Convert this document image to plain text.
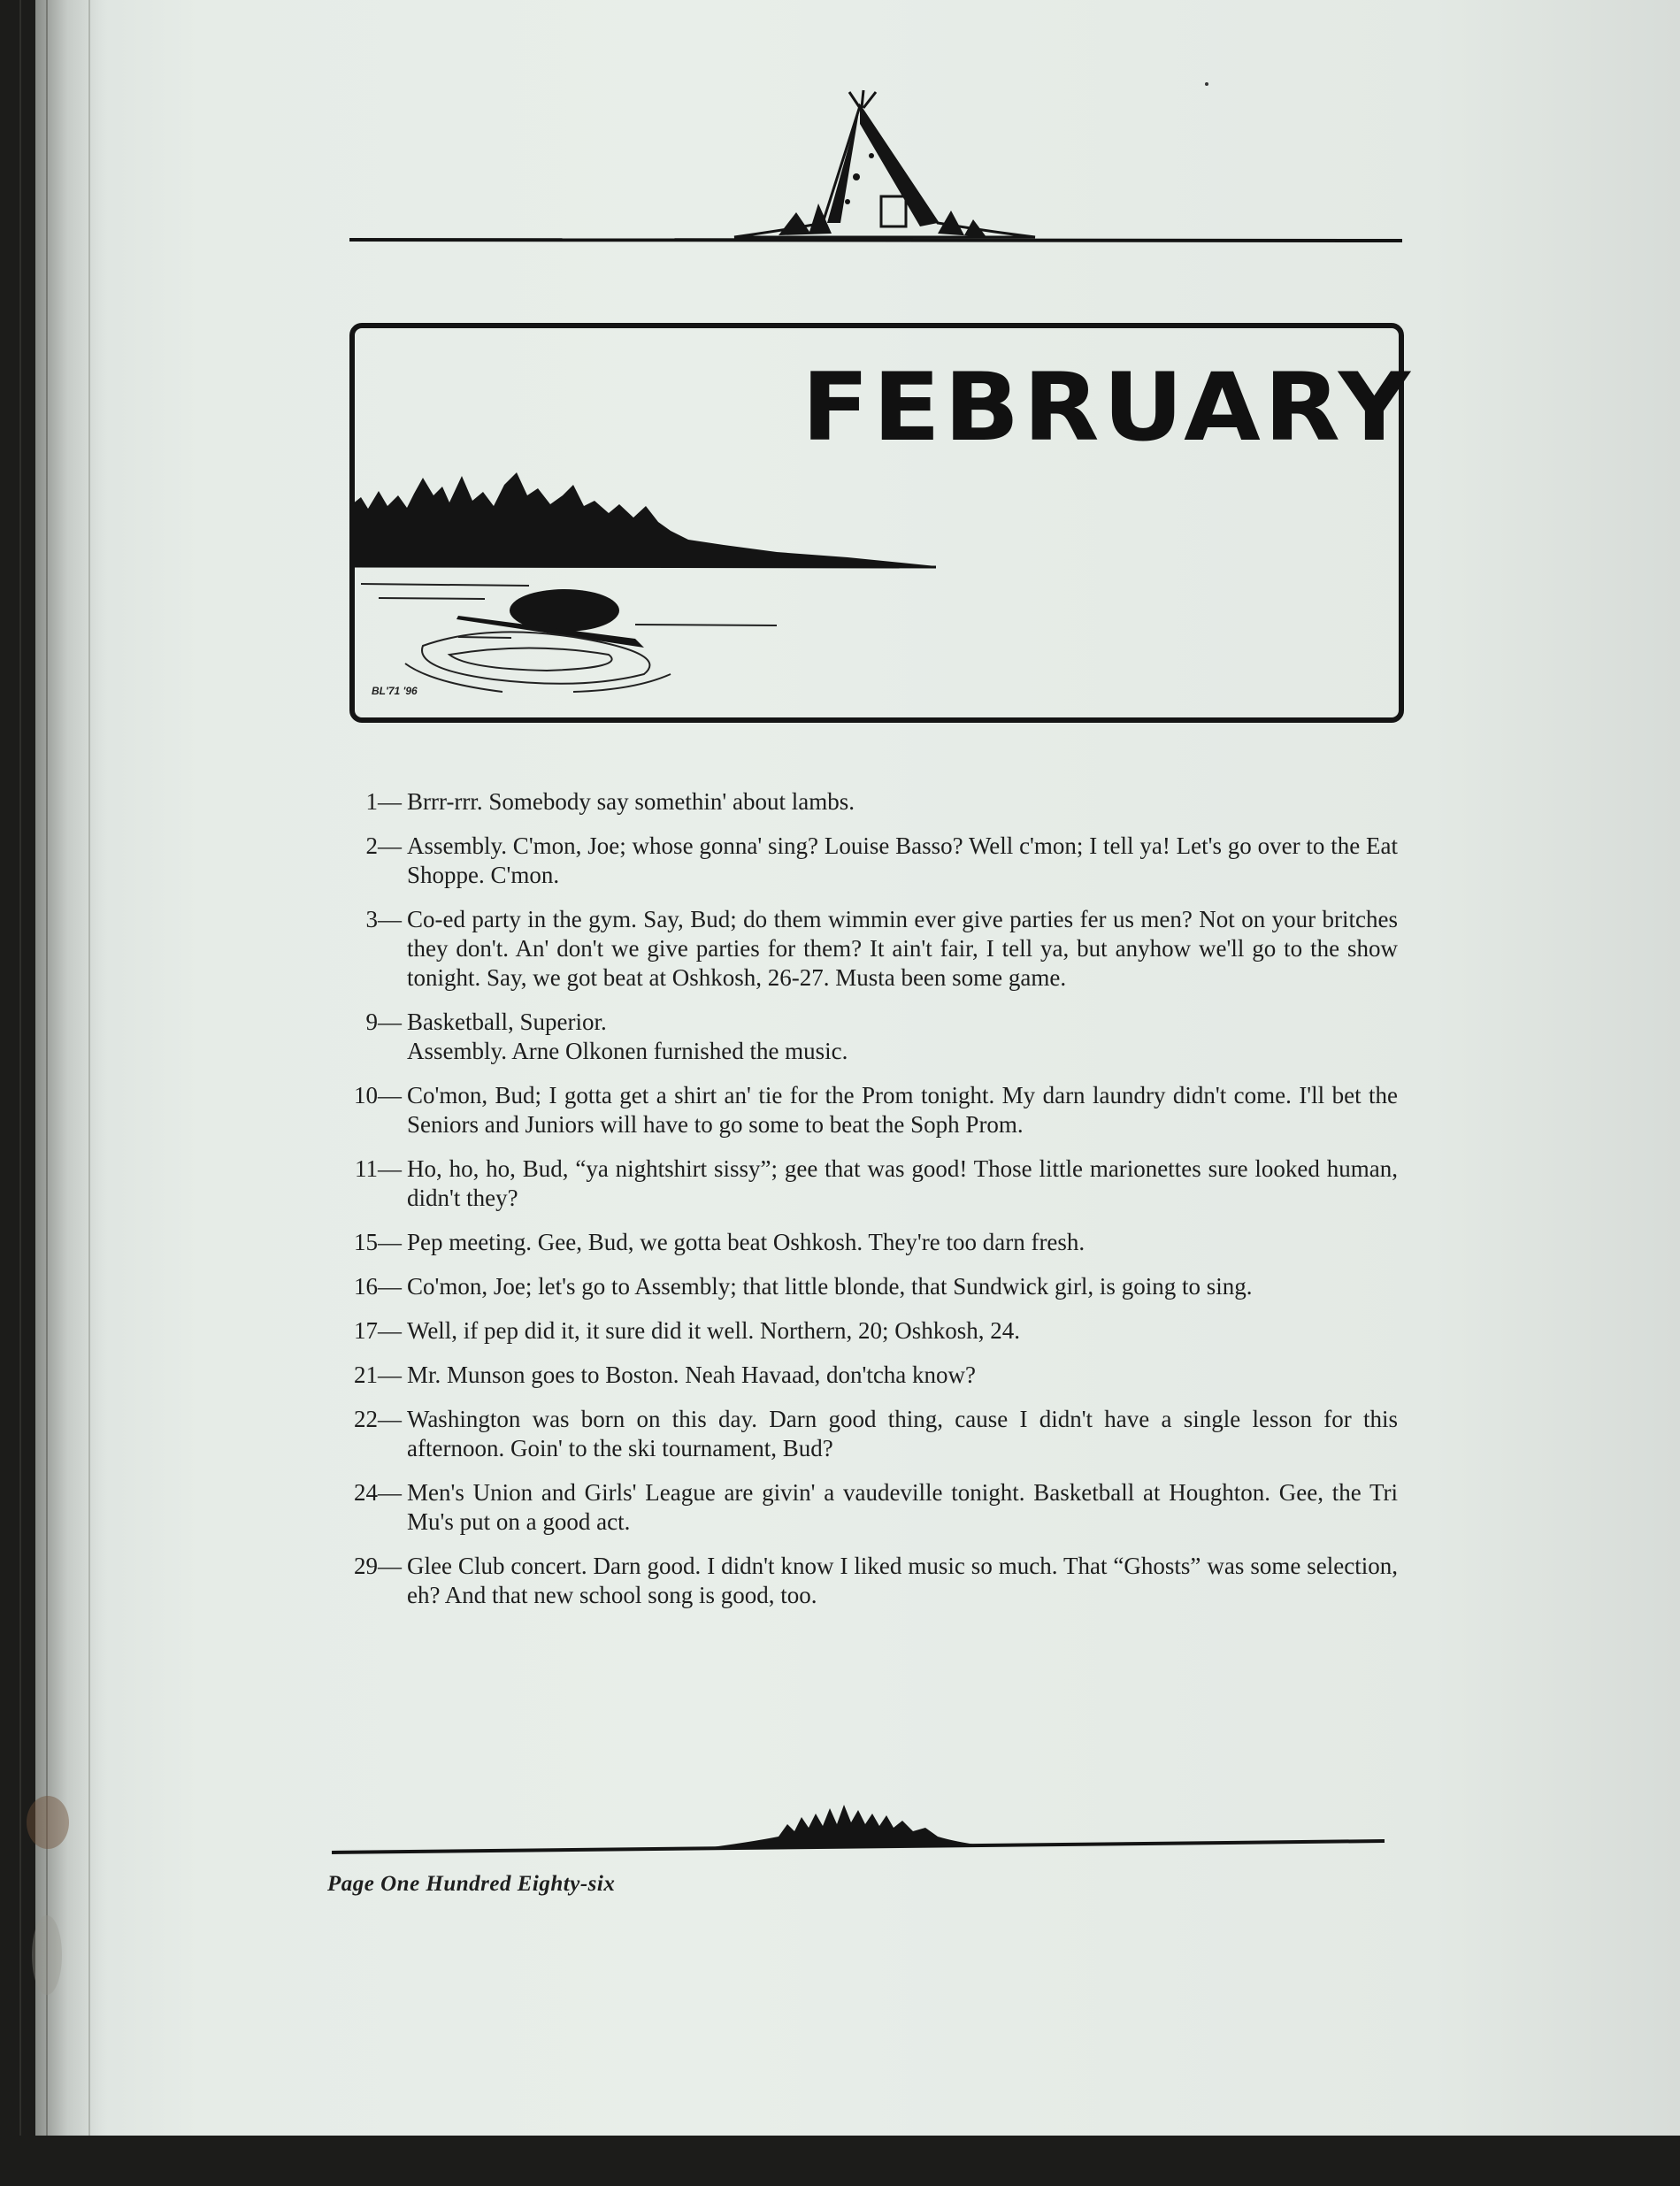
FEBRUARY
BL'71 '96
1— Brrr-rrr. Somebody say somethin' about lambs.
2— Assembly. C'mon, Joe; whose gonna' sing? Louise Basso? Well c'mon; I tell ya! Let's go over to the Eat Shoppe. C'mon.
3— Co-ed party in the gym. Say, Bud; do them wimmin ever give parties fer us men? Not on your britches they don't. An' don't we give parties for them? It ain't fair, I tell ya, but anyhow we'll go to the show tonight. Say, we got beat at Oshkosh, 26-27. Musta been some game.
9— Basketball, Superior.
Assembly. Arne Olkonen furnished the music.
10— Co'mon, Bud; I gotta get a shirt an' tie for the Prom tonight. My darn laundry didn't come. I'll bet the Seniors and Juniors will have to go some to beat the Soph Prom.
11— Ho, ho, ho, Bud, “ya nightshirt sissy”; gee that was good! Those little marionettes sure looked human, didn't they?
15— Pep meeting. Gee, Bud, we gotta beat Oshkosh. They're too darn fresh.
16— Co'mon, Joe; let's go to Assembly; that little blonde, that Sundwick girl, is going to sing.
17— Well, if pep did it, it sure did it well. Northern, 20; Oshkosh, 24.
21— Mr. Munson goes to Boston. Neah Havaad, don'tcha know?
22— Washington was born on this day. Darn good thing, cause I didn't have a single lesson for this afternoon. Goin' to the ski tournament, Bud?
24— Men's Union and Girls' League are givin' a vaudeville tonight. Basketball at Houghton. Gee, the Tri Mu's put on a good act.
29— Glee Club concert. Darn good. I didn't know I liked music so much. That “Ghosts” was some selection, eh? And that new school song is good, too.
Page One Hundred Eighty-six
